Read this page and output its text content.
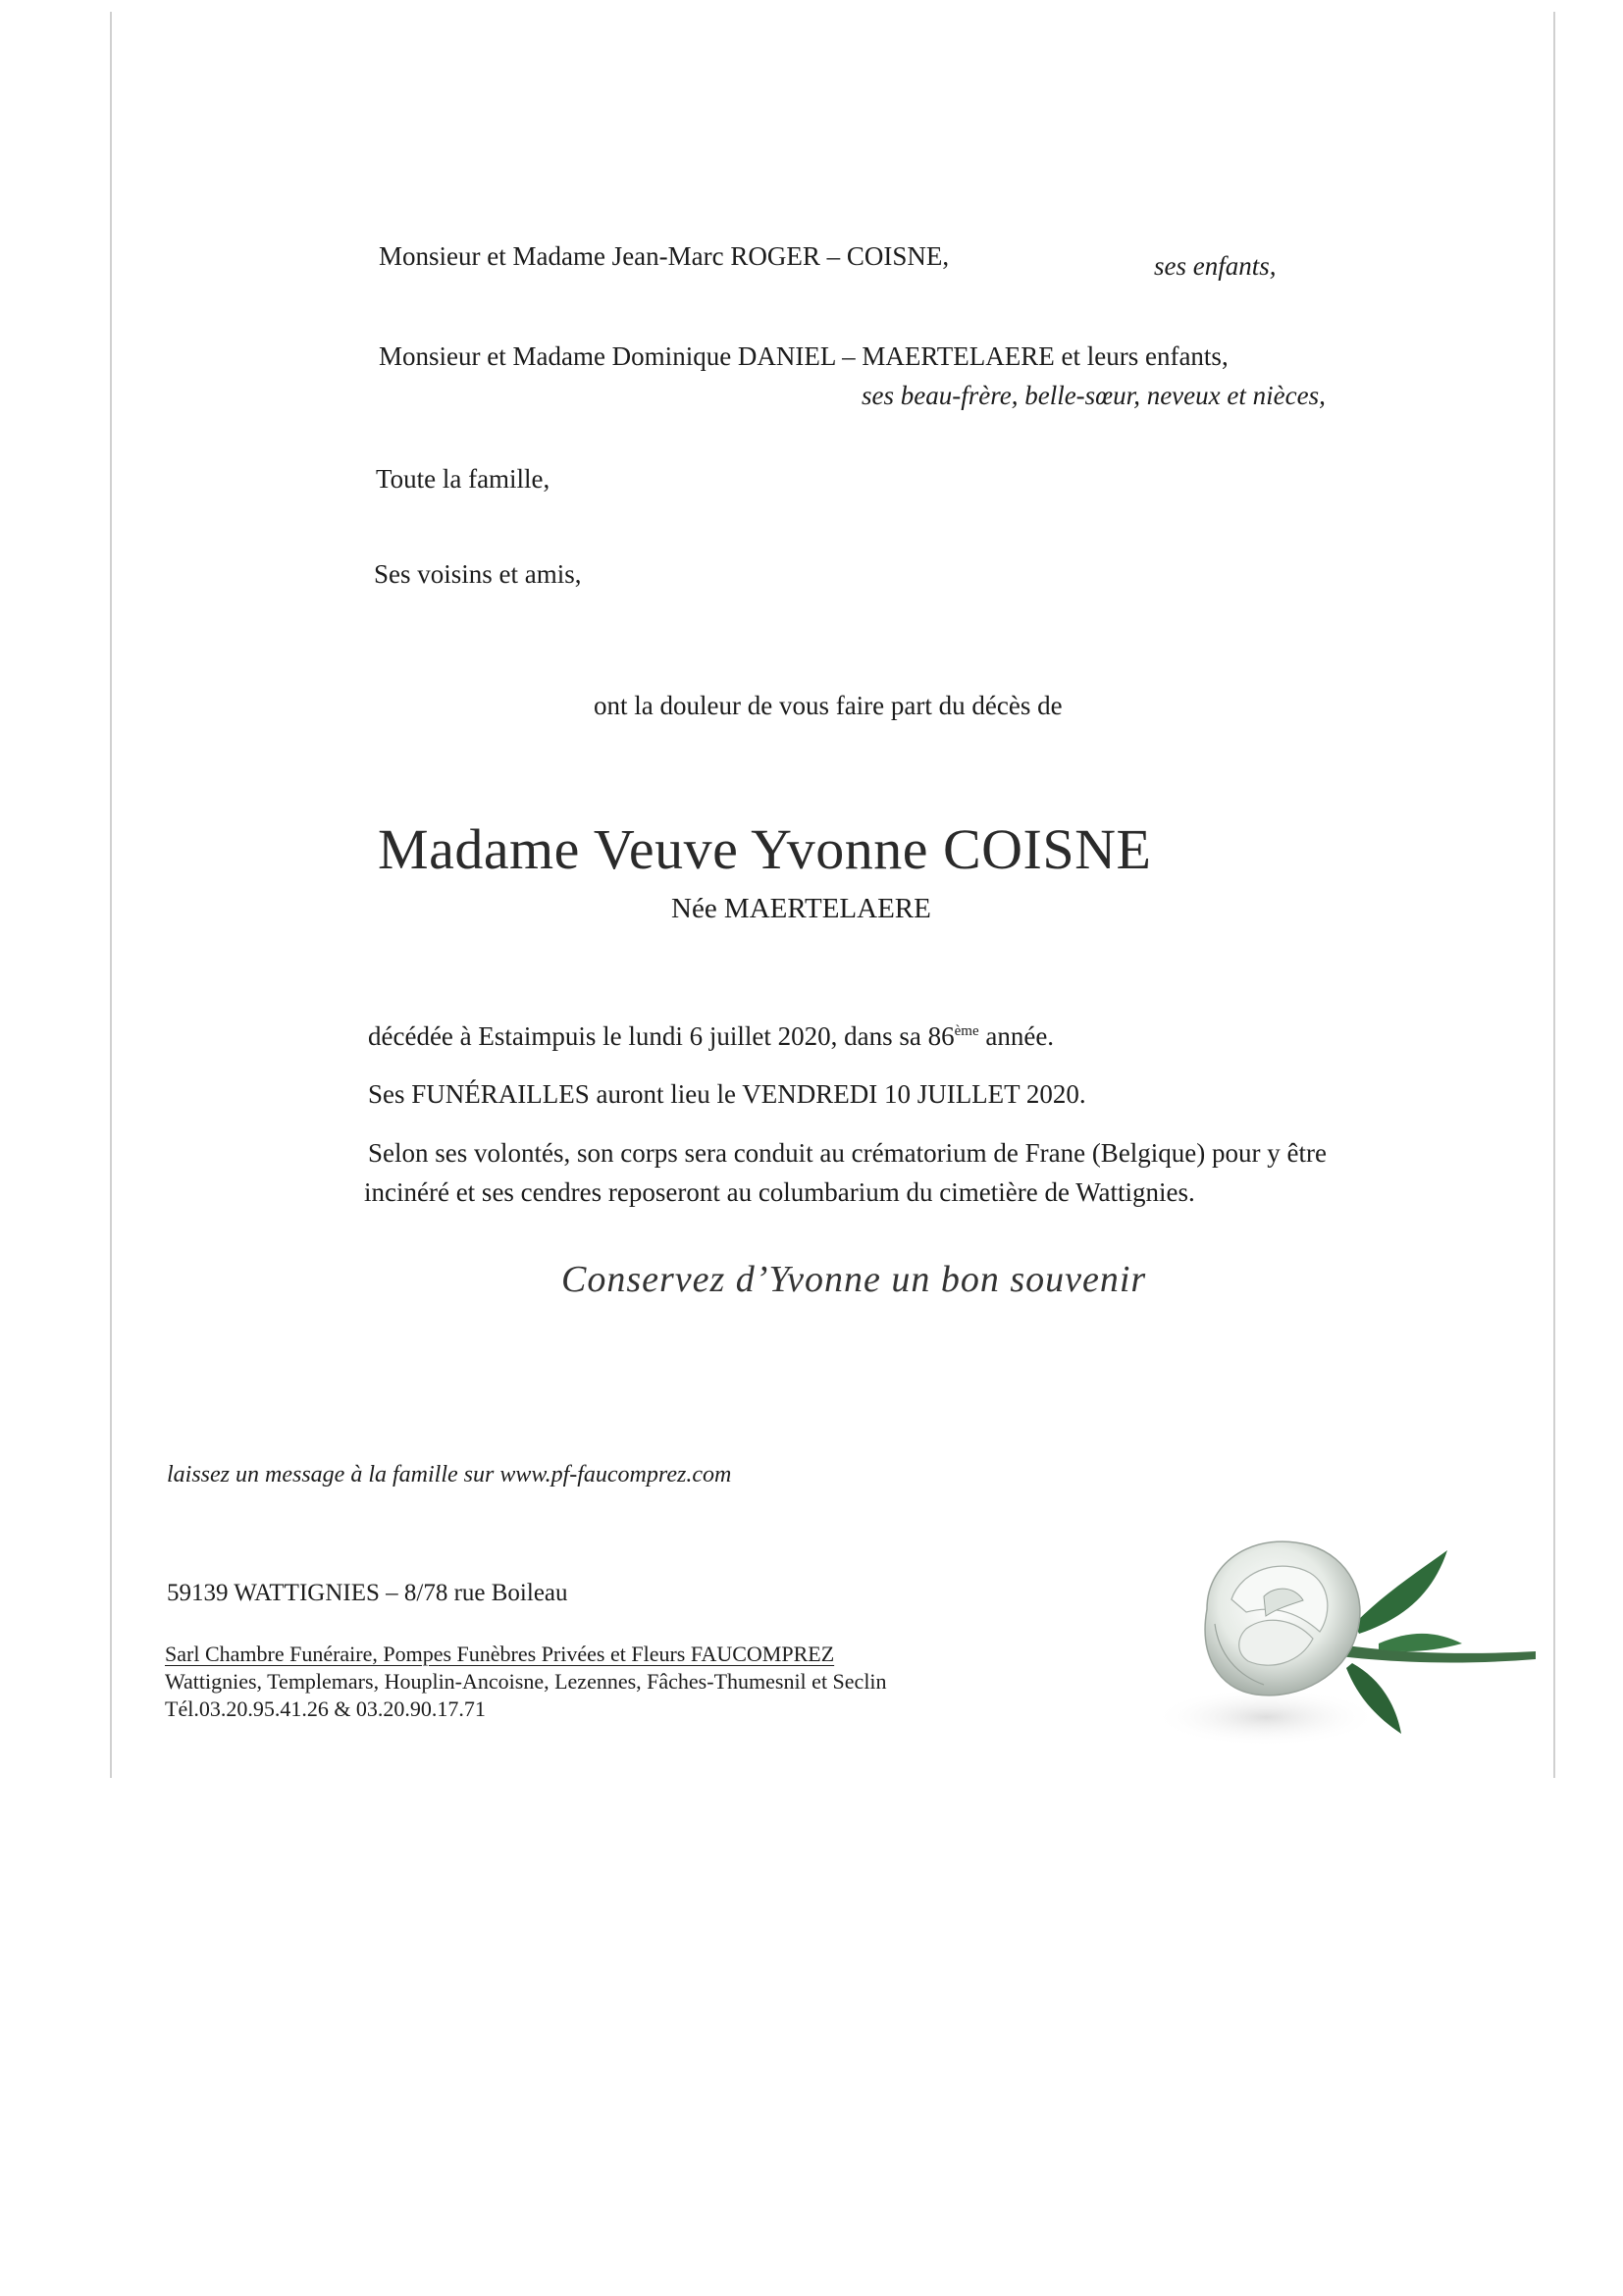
Monsieur et Madame Jean-Marc ROGER – COISNE,	ses enfants,
Monsieur et Madame Dominique DANIEL – MAERTELAERE et leurs enfants,
ses beau-frère, belle-sœur, neveux et nièces,
Toute la famille,
Ses voisins et amis,
ont la douleur de vous faire part du décès de
Madame Veuve Yvonne COISNE
Née MAERTELAERE
décédée à Estaimpuis le lundi 6 juillet 2020, dans sa 86ème année.
Ses FUNÉRAILLES auront lieu le VENDREDI 10 JUILLET 2020.
Selon ses volontés, son corps sera conduit au crématorium de Frane (Belgique) pour y être
incinéré et ses cendres reposeront au columbarium du cimetière de Wattignies.
Conservez d’Yvonne un bon souvenir
laissez un message à la famille sur www.pf-faucomprez.com
59139 WATTIGNIES – 8/78 rue Boileau
Sarl Chambre Funéraire, Pompes Funèbres Privées et Fleurs FAUCOMPREZ
Wattignies, Templemars, Houplin-Ancoisne, Lezennes, Fâches-Thumesnil et Seclin
Tél.03.20.95.41.26 & 03.20.90.17.71
